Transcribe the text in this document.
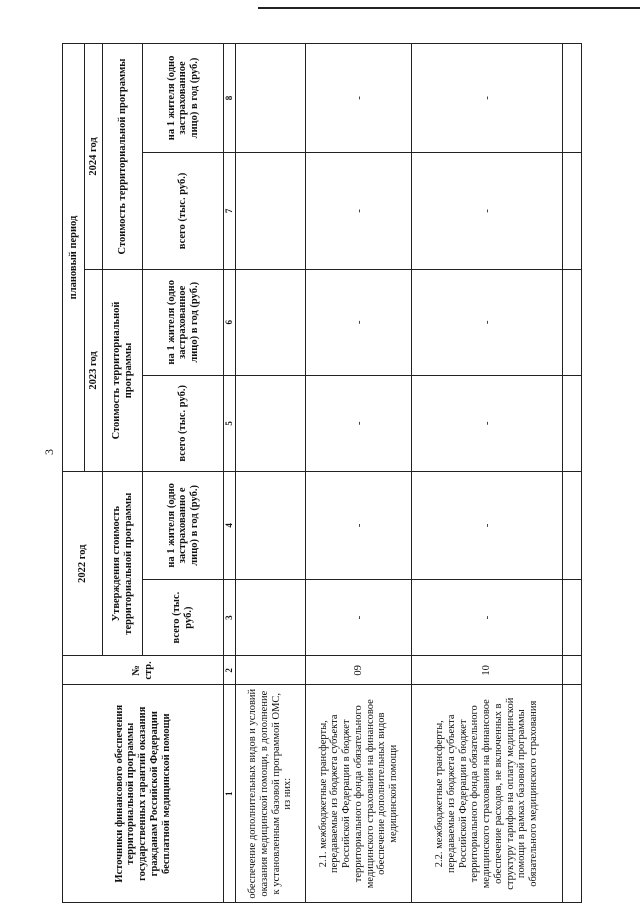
3
Источники финансового обеспечения территориальной программы государственных гарантий оказания гражданам Российской Федерации бесплатной медицинской помощи	№ стр.	2022 год		плановый период			
				2023 год		2024 год	
		Утверждения стоимость территориальной программы		Стоимость территориальной программы		Стоимость территориальной программы	
		всего (тыс. руб.)	на 1 жителя (одно застрахованно е лицо) в год (руб.)	всего (тыс. руб.)	на 1 жителя (одно застрахованное лицо) в год (руб.)	всего (тыс. руб.)	на 1 жителя (одно застрахованное лицо) в год (руб.)
1	2	3	4	5	6	7	8
обеспечение дополнительных видов и условий оказания медицинской помощи, в дополнение к установленным базовой программой ОМС, из них:							
2.1. межбюджетные трансферты, передаваемые из бюджета субъекта Российской Федерации в бюджет территориального фонда обязательного медицинского страхования на финансовое обеспечение дополнительных видов медицинской помощи	09	-	-	-	-	-	-
2.2. межбюджетные трансферты, передаваемые из бюджета субъекта Российской Федерации в бюджет территориального фонда обязательного медицинского страхования на финансовое обеспечение расходов, не включенных в структуру тарифов на оплату медицинской помощи в рамках базовой программы обязательного медицинского страхования	10	-	-	-	-	-	-
